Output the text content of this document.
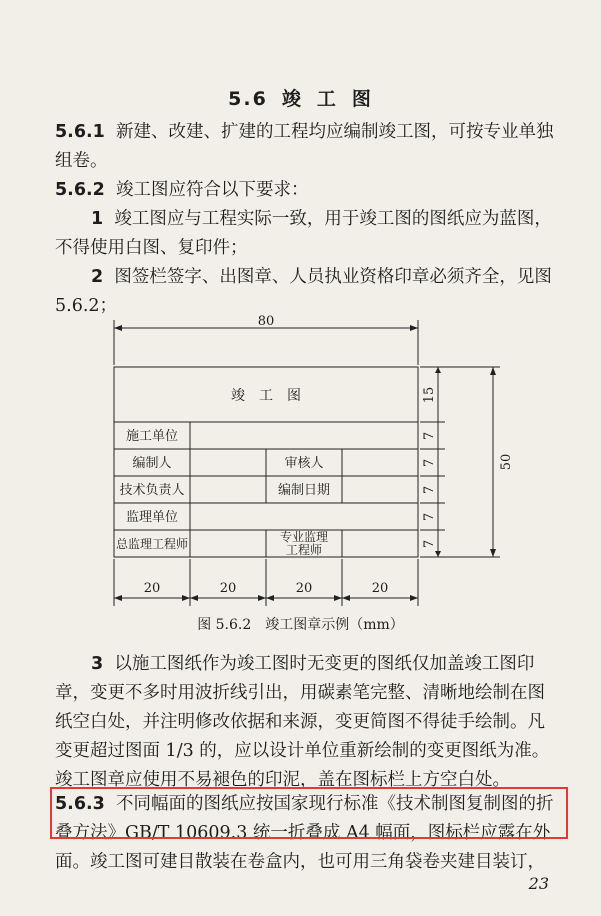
5.6 竣 工 图
5.6.1 新建、改建、扩建的工程均应编制竣工图，可按专业单独组卷。
5.6.2 竣工图应符合以下要求：
1 竣工图应与工程实际一致，用于竣工图的图纸应为蓝图，不得使用白图、复印件；
2 图签栏签字、出图章、人员执业资格印章必须齐全，见图 5.6.2；
80
50
竣　工　图
施工单位
编制人	审核人
技术负责人	编制日期
监理单位
总监理工程师	专业监理
工程师
15
7
7
7
7
7
20	20	20	20
图 5.6.2　竣工图章示例（mm）
3 以施工图纸作为竣工图时无变更的图纸仅加盖竣工图印章，变更不多时用波折线引出，用碳素笔完整、清晰地绘制在图纸空白处，并注明修改依据和来源，变更简图不得徒手绘制。凡变更超过图面 1/3 的，应以设计单位重新绘制的变更图纸为准。竣工图章应使用不易褪色的印泥，盖在图标栏上方空白处。
5.6.3 不同幅面的图纸应按国家现行标准《技术制图复制图的折叠方法》GB/T 10609.3 统一折叠成 A4 幅面，图标栏应露在外面。竣工图可建目散装在卷盒内，也可用三角袋卷夹建目装订，
23
